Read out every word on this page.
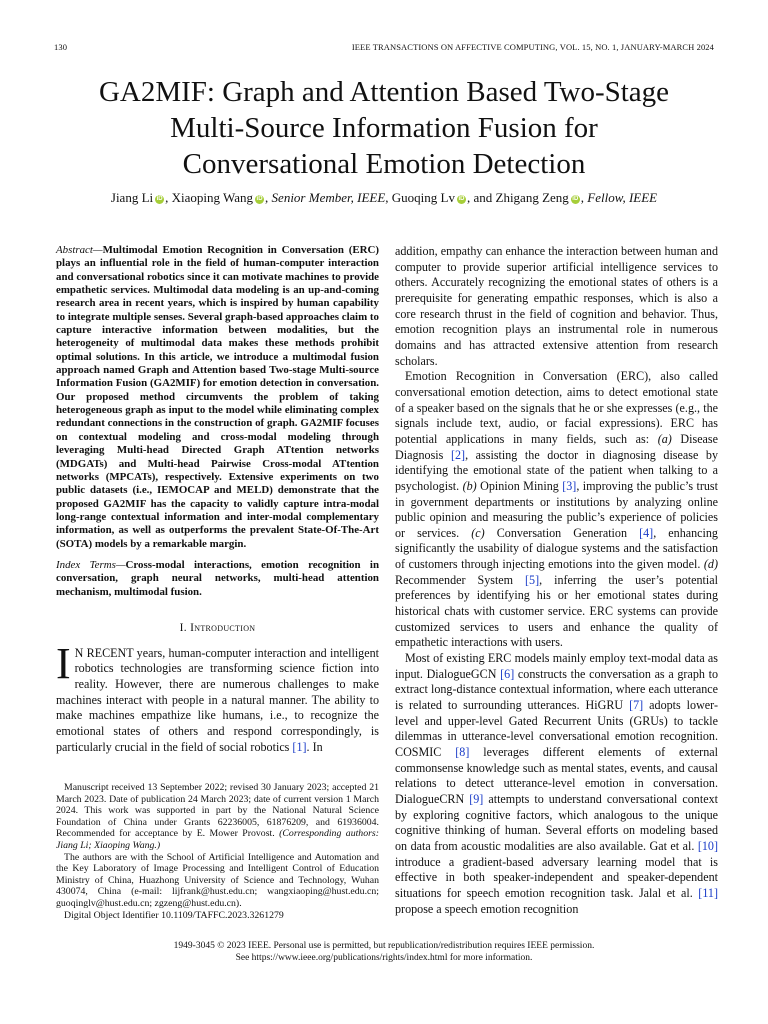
130	IEEE TRANSACTIONS ON AFFECTIVE COMPUTING, VOL. 15, NO. 1, JANUARY-MARCH 2024
GA2MIF: Graph and Attention Based Two-Stage
Multi-Source Information Fusion for
Conversational Emotion Detection
Jiang Li iD , Xiaoping Wang iD , Senior Member, IEEE, Guoqing Lv iD , and Zhigang Zeng iD , Fellow, IEEE

Abstract—Multimodal Emotion Recognition in Conversation (ERC) plays an influential role in the field of human-computer interaction and conversational robotics since it can motivate machines to provide empathetic services. Multimodal data modeling is an up-and-coming research area in recent years, which is inspired by human capability to integrate multiple senses. Several graph-based approaches claim to capture interactive information between modalities, but the heterogeneity of multimodal data makes these methods prohibit optimal solutions. In this article, we introduce a multimodal fusion approach named Graph and Attention based Two-stage Multi-source Information Fusion (GA2MIF) for emotion detection in conversation. Our proposed method circumvents the problem of taking heterogeneous graph as input to the model while eliminating complex redundant connections in the construction of graph. GA2MIF focuses on contextual modeling and cross-modal modeling through leveraging Multi-head Directed Graph ATtention networks (MDGATs) and Multi-head Pairwise Cross-modal ATtention networks (MPCATs), respectively. Extensive experiments on two public datasets (i.e., IEMOCAP and MELD) demonstrate that the proposed GA2MIF has the capacity to validly capture intra-modal long-range contextual information and inter-modal complementary information, as well as outperforms the prevalent State-Of-The-Art (SOTA) models by a remarkable margin.

Index Terms—Cross-modal interactions, emotion recognition in conversation, graph neural networks, multi-head attention mechanism, multimodal fusion.

I. Introduction

I N RECENT years, human-computer interaction and intelligent robotics technologies are transforming science fiction into reality. However, there are numerous challenges to make machines interact with people in a natural manner. The ability to make machines empathize like humans, i.e., to recognize the emotional states of others and respond correspondingly, is particularly crucial in the field of social robotics [1]. In

Manuscript received 13 September 2022; revised 30 January 2023; accepted 21 March 2023. Date of publication 24 March 2023; date of current version 1 March 2024. This work was supported in part by the National Natural Science Foundation of China under Grants 62236005, 61876209, and 61936004. Recommended for acceptance by E. Mower Provost. (Corresponding authors: Jiang Li; Xiaoping Wang.)

The authors are with the School of Artificial Intelligence and Automation and the Key Laboratory of Image Processing and Intelligent Control of Education Ministry of China, Huazhong University of Science and Technology, Wuhan 430074, China (e-mail: lijfrank@hust.edu.cn; wangxiaoping@hust.edu.cn; guoqinglv@hust.edu.cn; zgzeng@hust.edu.cn).

Digital Object Identifier 10.1109/TAFFC.2023.3261279

addition, empathy can enhance the interaction between human and computer to provide superior artificial intelligence services to others. Accurately recognizing the emotional states of others is a prerequisite for generating empathic responses, which is also a core research thrust in the field of cognition and behavior. Thus, emotion recognition plays an instrumental role in numerous domains and has attracted extensive attention from research scholars.

Emotion Recognition in Conversation (ERC), also called conversational emotion detection, aims to detect emotional state of a speaker based on the signals that he or she expresses (e.g., the signals include text, audio, or facial expressions). ERC has potential applications in many fields, such as: (a) Disease Diagnosis [2], assisting the doctor in diagnosing disease by identifying the emotional state of the patient when talking to a psychologist. (b) Opinion Mining [3], improving the public’s trust in government departments or institutions by analyzing online public opinion and measuring the public’s experience of policies or services. (c) Conversation Generation [4], enhancing significantly the usability of dialogue systems and the satisfaction of customers through injecting emotions into the given model. (d) Recommender System [5], inferring the user’s potential preferences by identifying his or her emotional states during historical chats with customer service. ERC systems can provide customized services to users and enhance the quality of empathetic interactions with users.

Most of existing ERC models mainly employ text-modal data as input. DialogueGCN [6] constructs the conversation as a graph to extract long-distance contextual information, where each utterance is related to surrounding utterances. HiGRU [7] adopts lower-level and upper-level Gated Recurrent Units (GRUs) to tackle dilemmas in utterance-level conversational emotion recognition. COSMIC [8] leverages different elements of external commonsense knowledge such as mental states, events, and causal relations to detect utterance-level emotion in conversation. DialogueCRN [9] attempts to understand conversational context by exploring cognitive factors, which analogous to the unique cognitive thinking of human. Several efforts on modeling based on data from acoustic modalities are also available. Gat et al. [10] introduce a gradient-based adversary learning model that is effective in both speaker-independent and speaker-dependent situations for speech emotion recognition task. Jalal et al. [11] propose a speech emotion recognition

1949-3045 © 2023 IEEE. Personal use is permitted, but republication/redistribution requires IEEE permission.
See https://www.ieee.org/publications/rights/index.html for more information.
